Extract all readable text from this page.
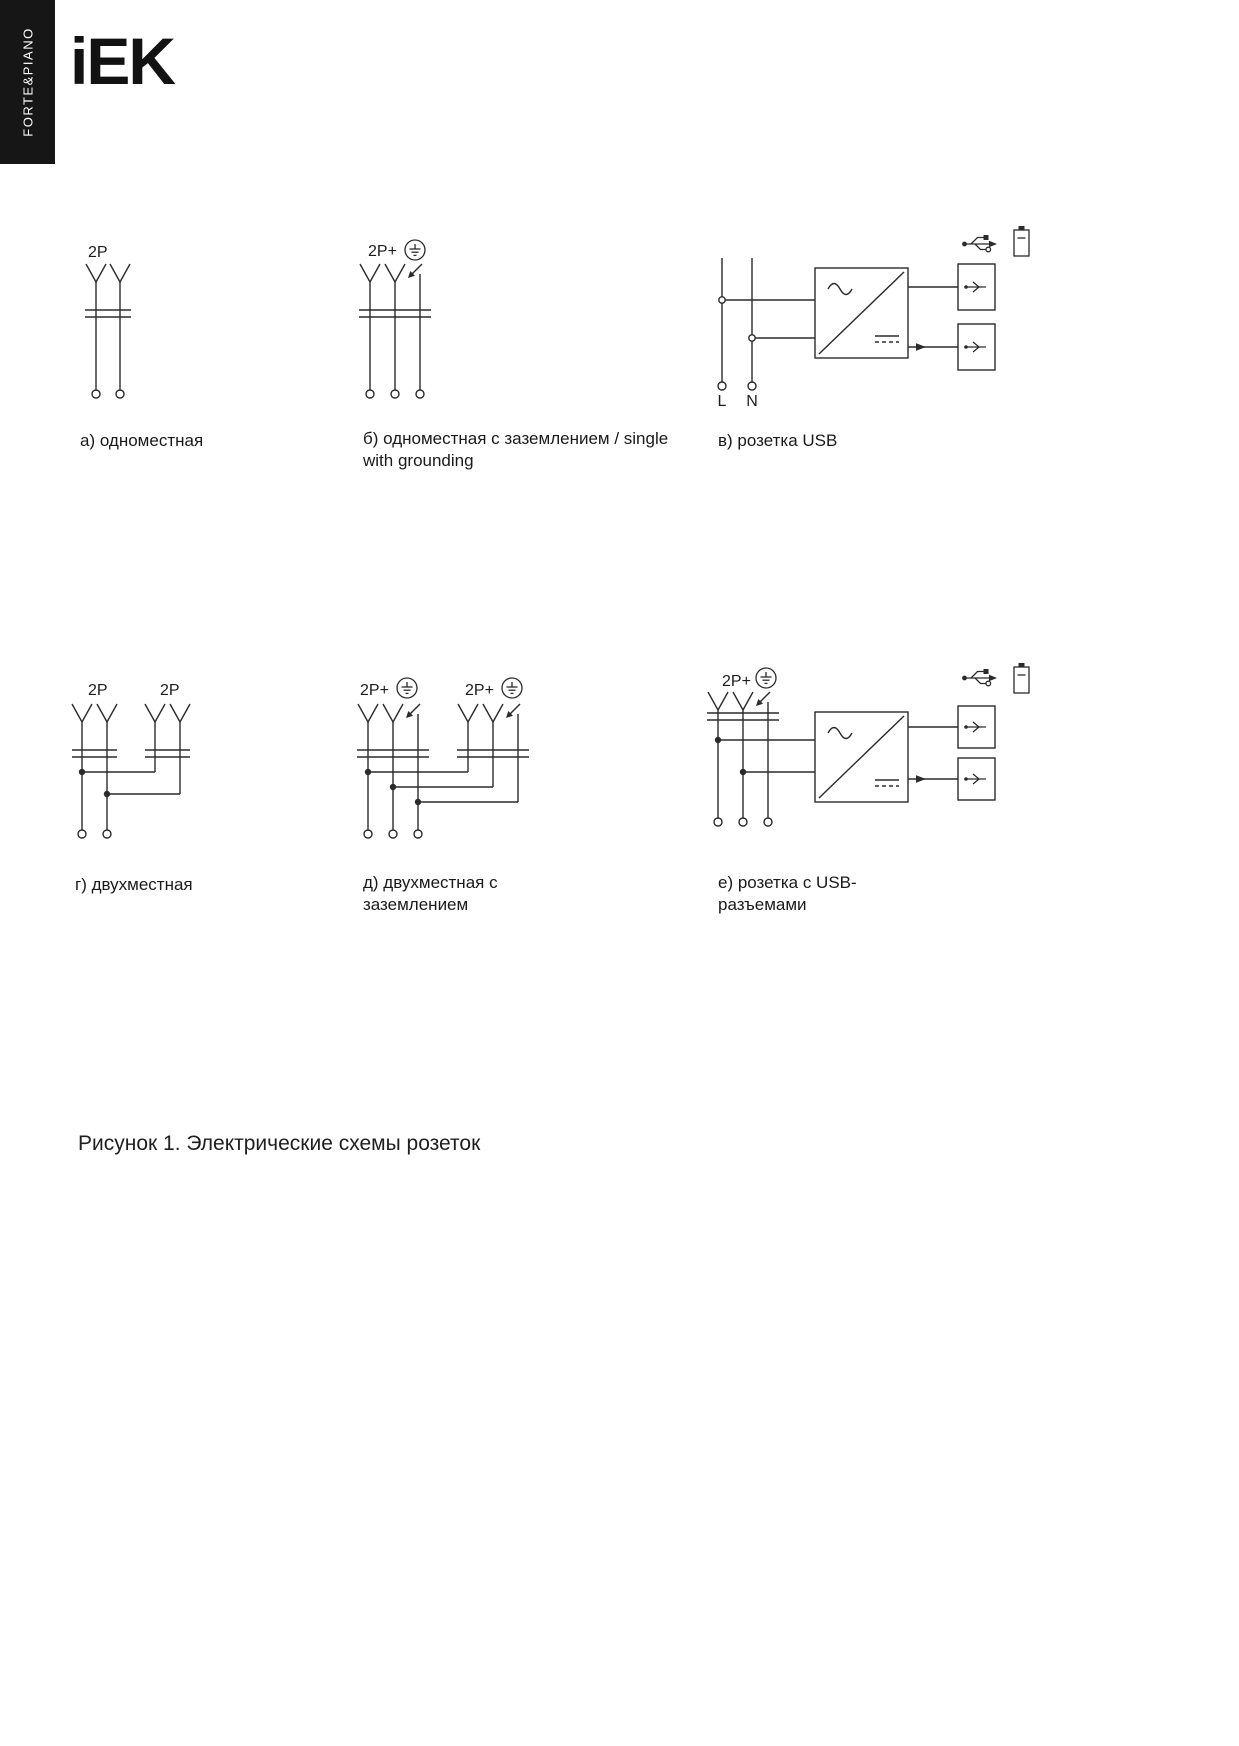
FORTE&PIANO iEK
2P	2P+
L N
2P	2P	2P+	2P+
2P+
а) одноместная	б) одноместная с заземлением / single with grounding
в) розетка USB
г) двухместная	д) двухместная с заземлением
е) розетка с USB-разъемами
Рисунок 1. Электрические схемы розеток
